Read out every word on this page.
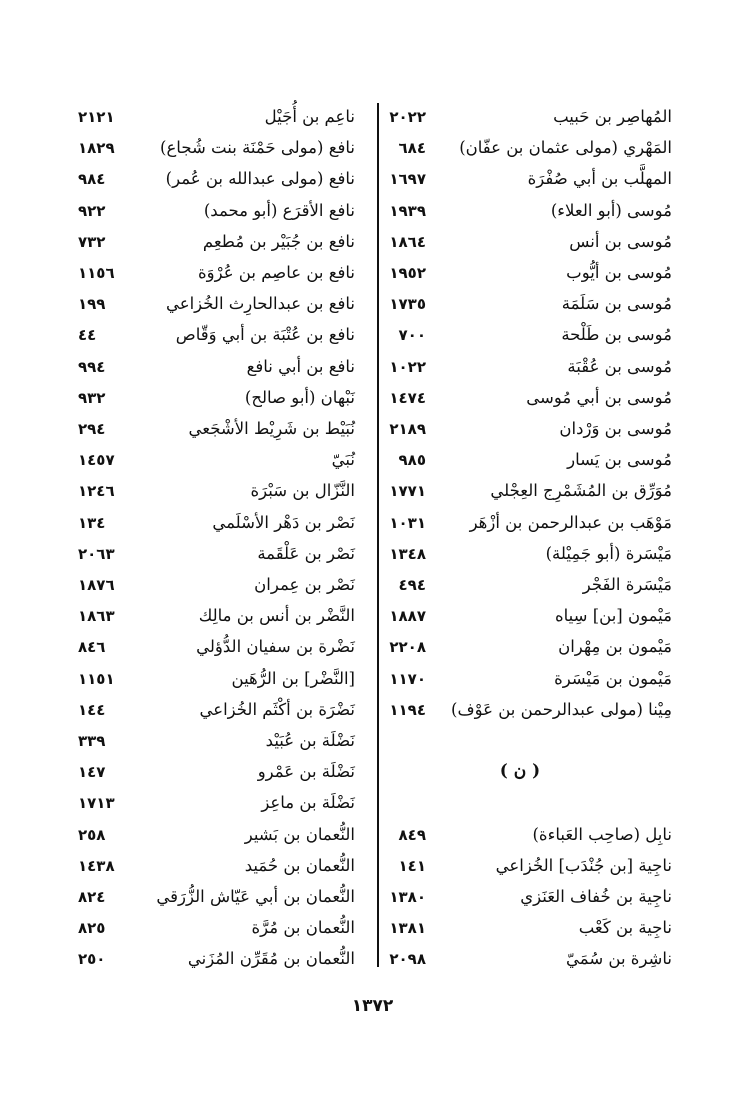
ناعِم بن أُجَيْل
٢١٢١
نافع (مولى حَمْنَة بنت شُجاع)
١٨٢٩
نافع (مولى عبدالله بن عُمر)
٩٨٤
نافع الأقرَع (أبو محمد)
٩٢٢
نافع بن جُبَيْر بن مُطعِم
٧٣٢
نافع بن عاصِم بن عُرْوَة
١١٥٦
نافع بن عبدالحارِث الخُزاعي
١٩٩
نافع بن عُتْبَة بن أبي وَقّاص
٤٤
نافع بن أبي نافع
٩٩٤
نَبْهان (أبو صالح)
٩٣٢
نُبَيْط بن شَرِيْط الأشْجَعي
٢٩٤
نُبَيّ
١٤٥٧
النَّزّال بن سَبْرَة
١٢٤٦
نَصْر بن دَهْر الأسْلَمي
١٣٤
نَصْر بن عَلْقَمة
٢٠٦٣
نَصْر بن عِمران
١٨٧٦
النَّضْر بن أنس بن مالِك
١٨٦٣
نَضْرة بن سفيان الدُّؤلي
٨٤٦
[النَّضْر] بن الرُّهَين
١١٥١
نَضْرَة بن أكْثَم الخُزاعي
١٤٤
نَضْلَة بن عُبَيْد
٣٣٩
نَضْلَة بن عَمْرو
١٤٧
نَضْلَة بن ماعِز
١٧١٣
النُّعمان بن بَشير
٢٥٨
النُّعمان بن حُمَيد
١٤٣٨
النُّعمان بن أبي عَيّاش الزُّرَقي
٨٢٤
النُّعمان بن مُرَّة
٨٢٥
النُّعمان بن مُقَرِّن المُزَني
٢٥٠
المُهاصِر بن حَبيب
٢٠٢٢
المَهْري (مولى عثمان بن عفّان)
٦٨٤
المهلَّب بن أبي صُفْرَة
١٦٩٧
مُوسى (أبو العلاء)
١٩٣٩
مُوسى بن أنس
١٨٦٤
مُوسى بن أيُّوب
١٩٥٢
مُوسى بن سَلَمَة
١٧٣٥
مُوسى بن طَلْحة
٧٠٠
مُوسى بن عُقْبَة
١٠٢٢
مُوسى بن أبي مُوسى
١٤٧٤
مُوسى بن وَرْدان
٢١٨٩
مُوسى بن يَسار
٩٨٥
مُوَرِّق بن المُشَمْرِج العِجْلي
١٧٧١
مَوْهَب بن عبدالرحمن بن أزْهَر
١٠٣١
مَيْسَرة (أبو جَمِيْلة)
١٣٤٨
مَيْسَرة الفَجْر
٤٩٤
مَيْمون [بن] سِياه
١٨٨٧
مَيْمون بن مِهْران
٢٢٠٨
مَيْمون بن مَيْسَرة
١١٧٠
مِيْنا (مولى عبدالرحمن بن عَوْف)
١١٩٤
نابِل (صاحِب العَباءة)
٨٤٩
ناجِية [بن جُنْدَب] الخُزاعي
١٤١
ناجِية بن خُفاف العَنَزي
١٣٨٠
ناجِية بن كَعْب
١٣٨١
ناشِرة بن سُمَيّ
٢٠٩٨
( ن )
١٣٧٢
